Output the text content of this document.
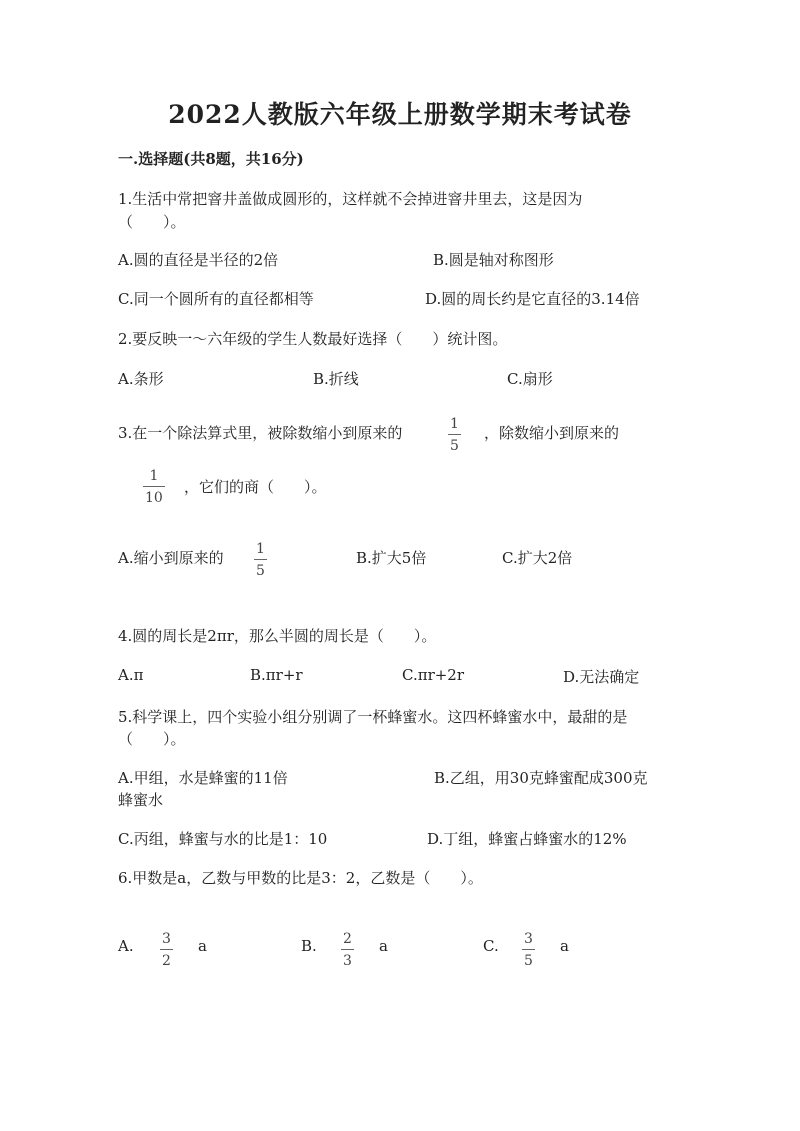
2022人教版六年级上册数学期末考试卷
一.选择题(共8题，共16分)
1.生活中常把窨井盖做成圆形的，这样就不会掉进窨井里去，这是因为
（　　）。
A.圆的直径是半径的2倍	B.圆是轴对称图形
C.同一个圆所有的直径都相等	D.圆的周长约是它直径的3.14倍
2.要反映一～六年级的学生人数最好选择（　　）统计图。
A.条形	B.折线	C.扇形
3.在一个除法算式里，被除数缩小到原来的	1
5
，除数缩小到原来的
1
10
，它们的商（　　）。
A.缩小到原来的 1
5
B.扩大5倍	C.扩大2倍
4.圆的周长是2πr，那么半圆的周长是（　　）。
A.π	B.πr+r	C.πr+2r	D.无法确定
5.科学课上，四个实验小组分别调了一杯蜂蜜水。这四杯蜂蜜水中，最甜的是
（　　）。
A.甲组，水是蜂蜜的11倍	B.乙组，用30克蜂蜜配成300克
蜂蜜水
C.丙组，蜂蜜与水的比是1：10	D.丁组，蜂蜜占蜂蜜水的12%
6.甲数是a，乙数与甲数的比是3：2，乙数是（　　）。
A. 3
2
a	B. 2
3
a	C. 3
5
a
